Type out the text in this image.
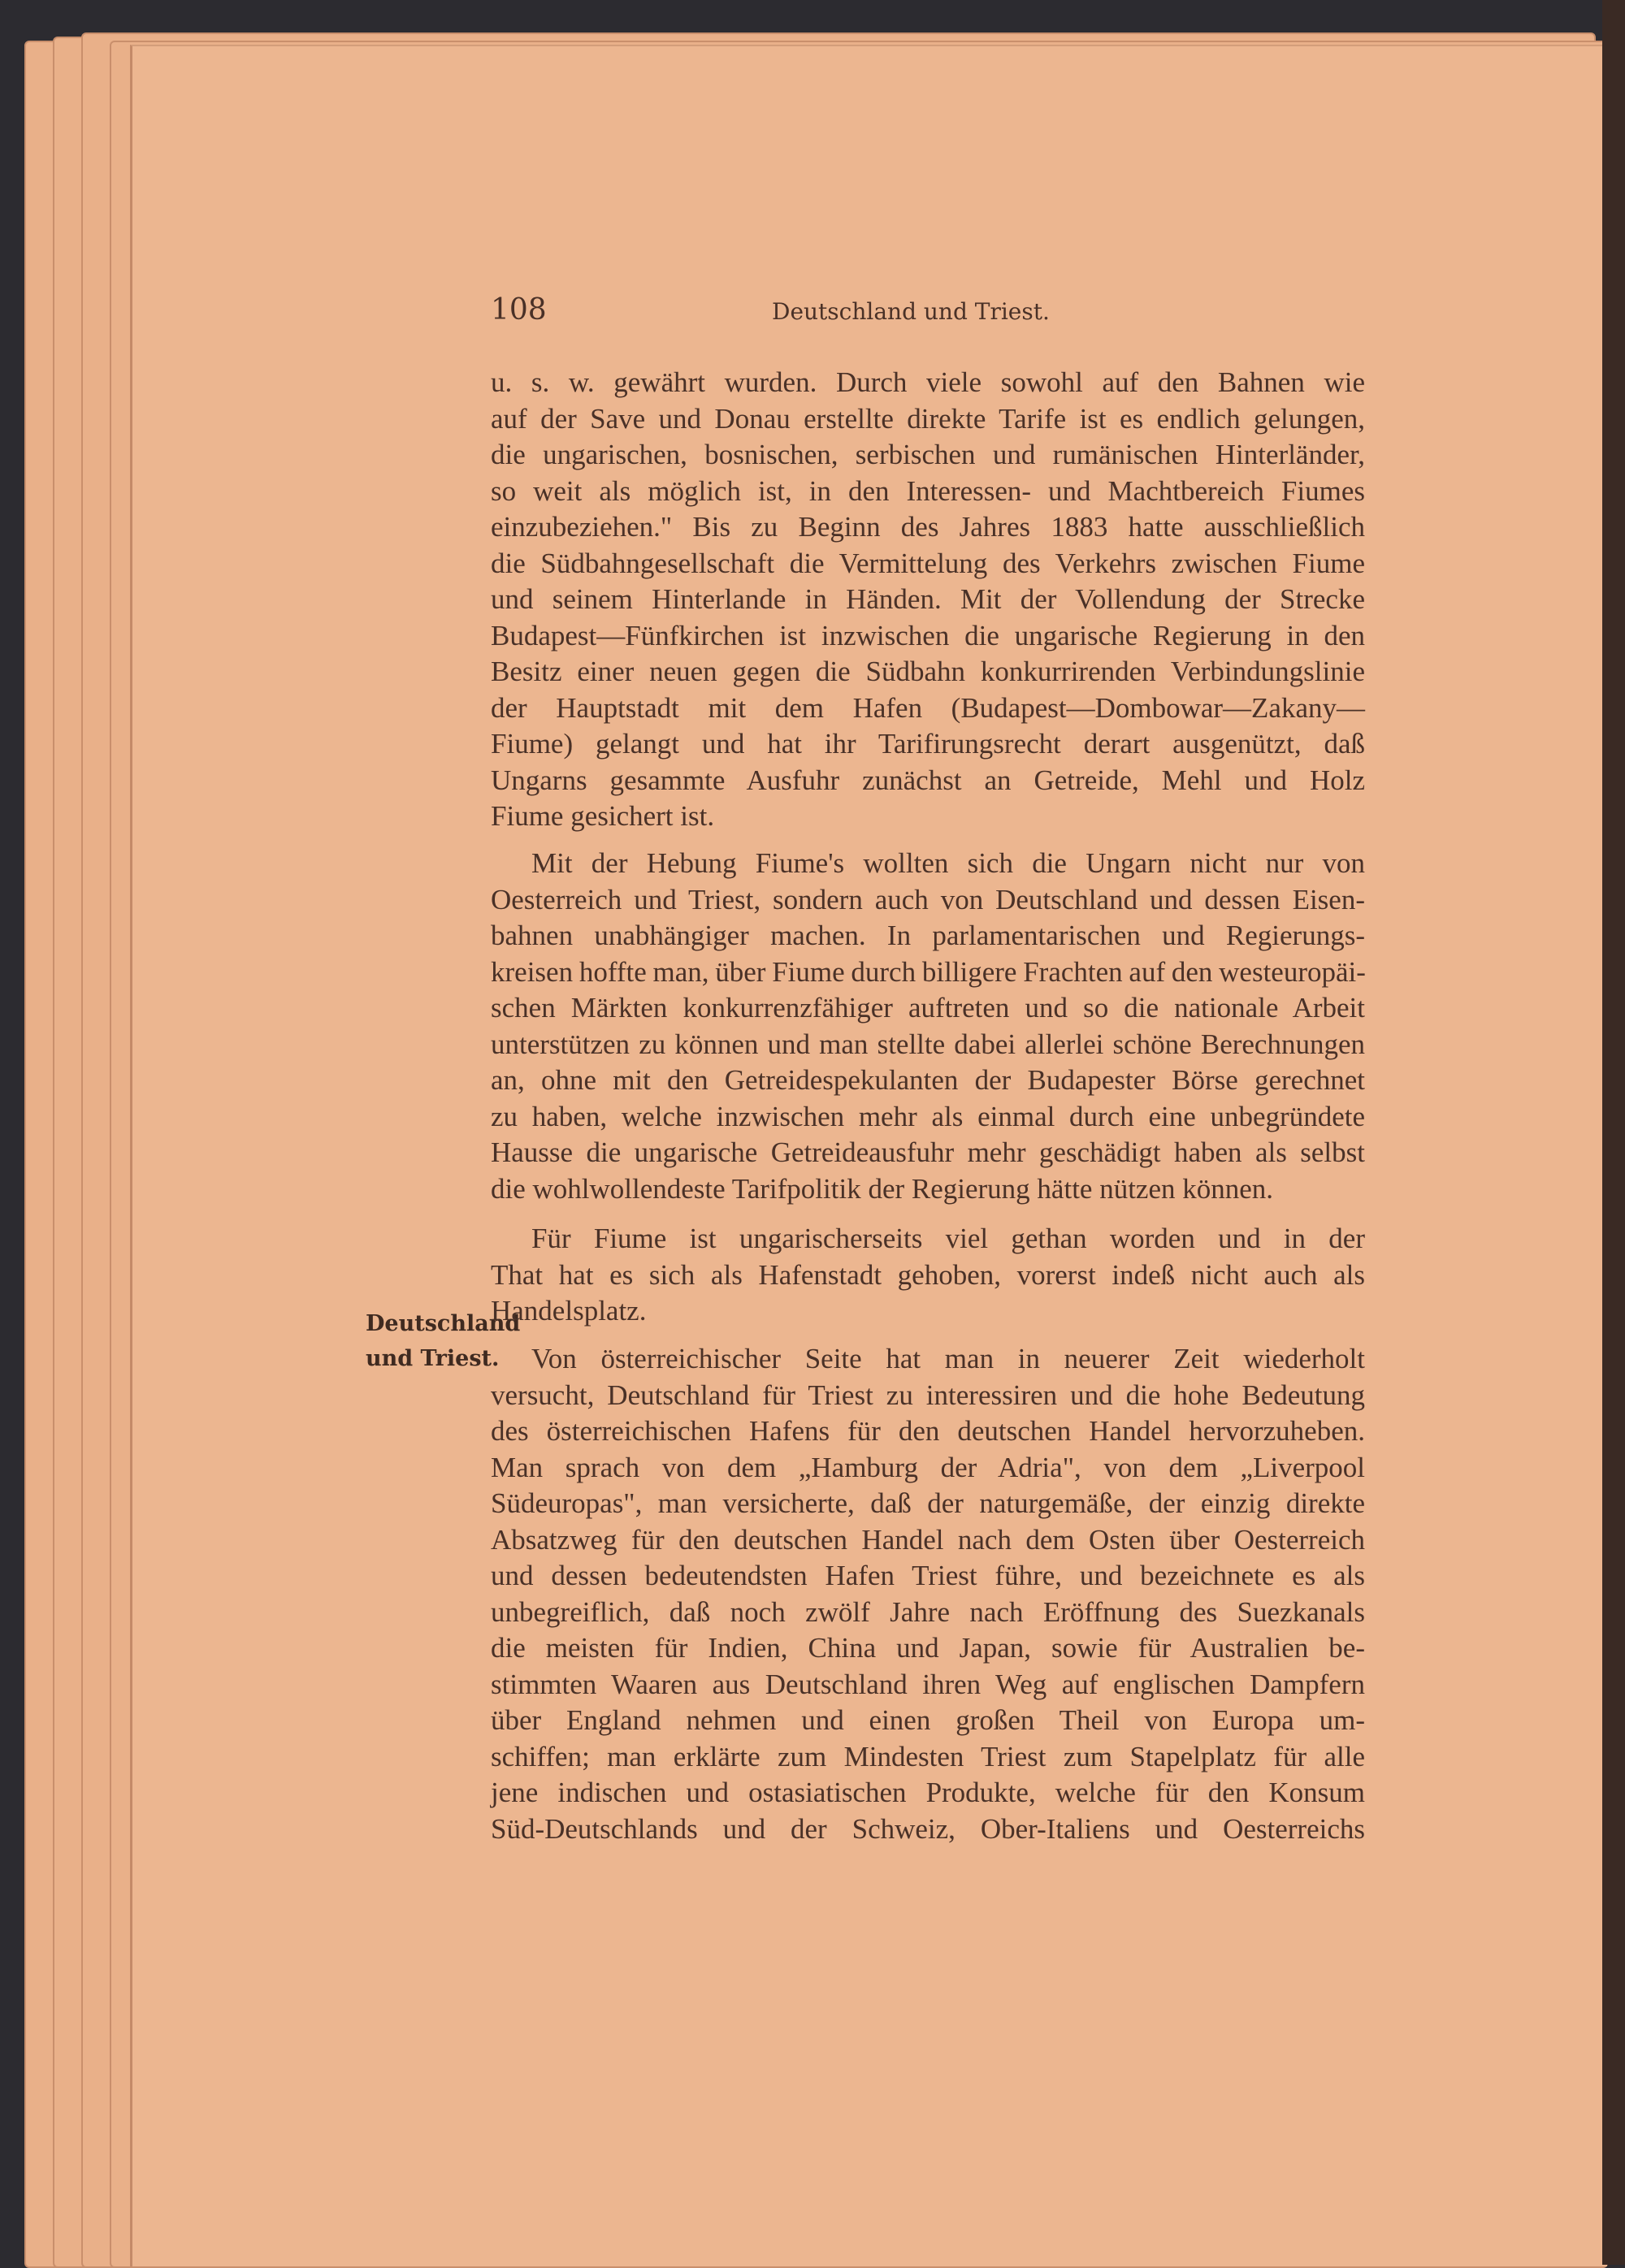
108	Deutschland und Triest.
Deutschland
und Triest.
u. s. w. gewährt wurden. Durch viele sowohl auf den Bahnen wie
auf der Save und Donau erstellte direkte Tarife ist es endlich gelungen,
die ungarischen, bosnischen, serbischen und rumänischen Hinterländer,
so weit als möglich ist, in den Interessen- und Machtbereich Fiumes
einzubeziehen." Bis zu Beginn des Jahres 1883 hatte ausschließlich
die Südbahngesellschaft die Vermittelung des Verkehrs zwischen Fiume
und seinem Hinterlande in Händen. Mit der Vollendung der Strecke
Budapest—Fünfkirchen ist inzwischen die ungarische Regierung in den
Besitz einer neuen gegen die Südbahn konkurrirenden Verbindungslinie
der Hauptstadt mit dem Hafen (Budapest—Dombowar—Zakany—
Fiume) gelangt und hat ihr Tarifirungsrecht derart ausgenützt, daß
Ungarns gesammte Ausfuhr zunächst an Getreide, Mehl und Holz
Fiume gesichert ist.
Mit der Hebung Fiume's wollten sich die Ungarn nicht nur von
Oesterreich und Triest, sondern auch von Deutschland und dessen Eisen-
bahnen unabhängiger machen. In parlamentarischen und Regierungs-
kreisen hoffte man, über Fiume durch billigere Frachten auf den westeuropäi-
schen Märkten konkurrenzfähiger auftreten und so die nationale Arbeit
unterstützen zu können und man stellte dabei allerlei schöne Berechnungen
an, ohne mit den Getreidespekulanten der Budapester Börse gerechnet
zu haben, welche inzwischen mehr als einmal durch eine unbegründete
Hausse die ungarische Getreideausfuhr mehr geschädigt haben als selbst
die wohlwollendeste Tarifpolitik der Regierung hätte nützen können.
Für Fiume ist ungarischerseits viel gethan worden und in der
That hat es sich als Hafenstadt gehoben, vorerst indeß nicht auch als
Handelsplatz.
Von österreichischer Seite hat man in neuerer Zeit wiederholt
versucht, Deutschland für Triest zu interessiren und die hohe Bedeutung
des österreichischen Hafens für den deutschen Handel hervorzuheben.
Man sprach von dem „Hamburg der Adria", von dem „Liverpool
Südeuropas", man versicherte, daß der naturgemäße, der einzig direkte
Absatzweg für den deutschen Handel nach dem Osten über Oesterreich
und dessen bedeutendsten Hafen Triest führe, und bezeichnete es als
unbegreiflich, daß noch zwölf Jahre nach Eröffnung des Suezkanals
die meisten für Indien, China und Japan, sowie für Australien be-
stimmten Waaren aus Deutschland ihren Weg auf englischen Dampfern
über England nehmen und einen großen Theil von Europa um-
schiffen; man erklärte zum Mindesten Triest zum Stapelplatz für alle
jene indischen und ostasiatischen Produkte, welche für den Konsum
Süd-Deutschlands und der Schweiz, Ober-Italiens und Oesterreichs
